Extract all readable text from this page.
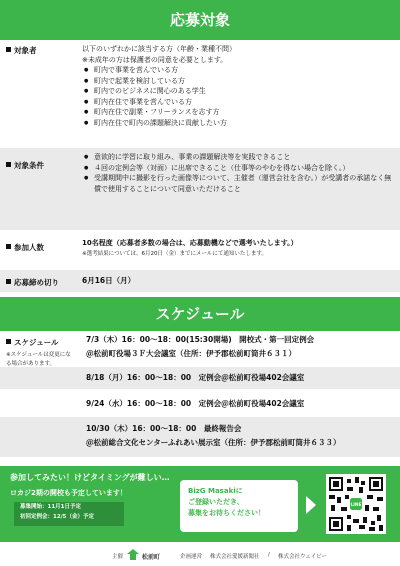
応募対象
対象者	以下のいずれかに該当する方（年齢・業種不問）
※未成年の方は保護者の同意を必要とします。
● 町内で事業を営んでいる方
● 町内で起業を検討している方
● 町内でのビジネスに関心のある学生
● 町内在住で事業を営んでいる方
● 町内在住で副業・フリーランスを志す方
● 町内在住で町内の課題解決に貢献したい方
対象条件
● 意欲的に学習に取り組み、事業の課題解決等を実践できること
● ４回の定例会等（対面）に出席できること（仕事等のやむを得ない場合を除く。）
● 受講期間中に撮影を行った画像等について、主催者（運営会社を含む。）が受講者の承諾なく無償で使用することについて同意いただけること
参加人数	10名程度（応募者多数の場合は、応募動機などで選考いたします。）
※選考結果については、6月20日（金）までにメールにて通知いたします。
応募締め切り	6月16日（月）
スケジュール
スケジュール
※スケジュールは変更になる場合があります。
7/3（木）16：00～18：00(15:30開場)　開校式・第一回定例会
＠松前町役場３Ｆ大会議室（住所：伊予郡松前町筒井６３１）
8/18（月）16：00～18：00　定例会＠松前町役場402会議室
9/24（水）16：00～18：00　定例会＠松前町役場402会議室
10/30（木）16：00～18：00　最終報告会
＠松前総合文化センターふれあい展示室（住所：伊予郡松前町筒井６３３）
参加してみたい！けどタイミングが難しい…
ロカジ2期の開校も予定しています！
募集開始：11月1日予定
初回定例会：12/5（金）予定
BizG Masakiに
ご登録いただき、
募集をお待ちください！
LINE
主催	松前町	企画運営 株式会社愛媛新聞社 / 株式会社ウェイビー
